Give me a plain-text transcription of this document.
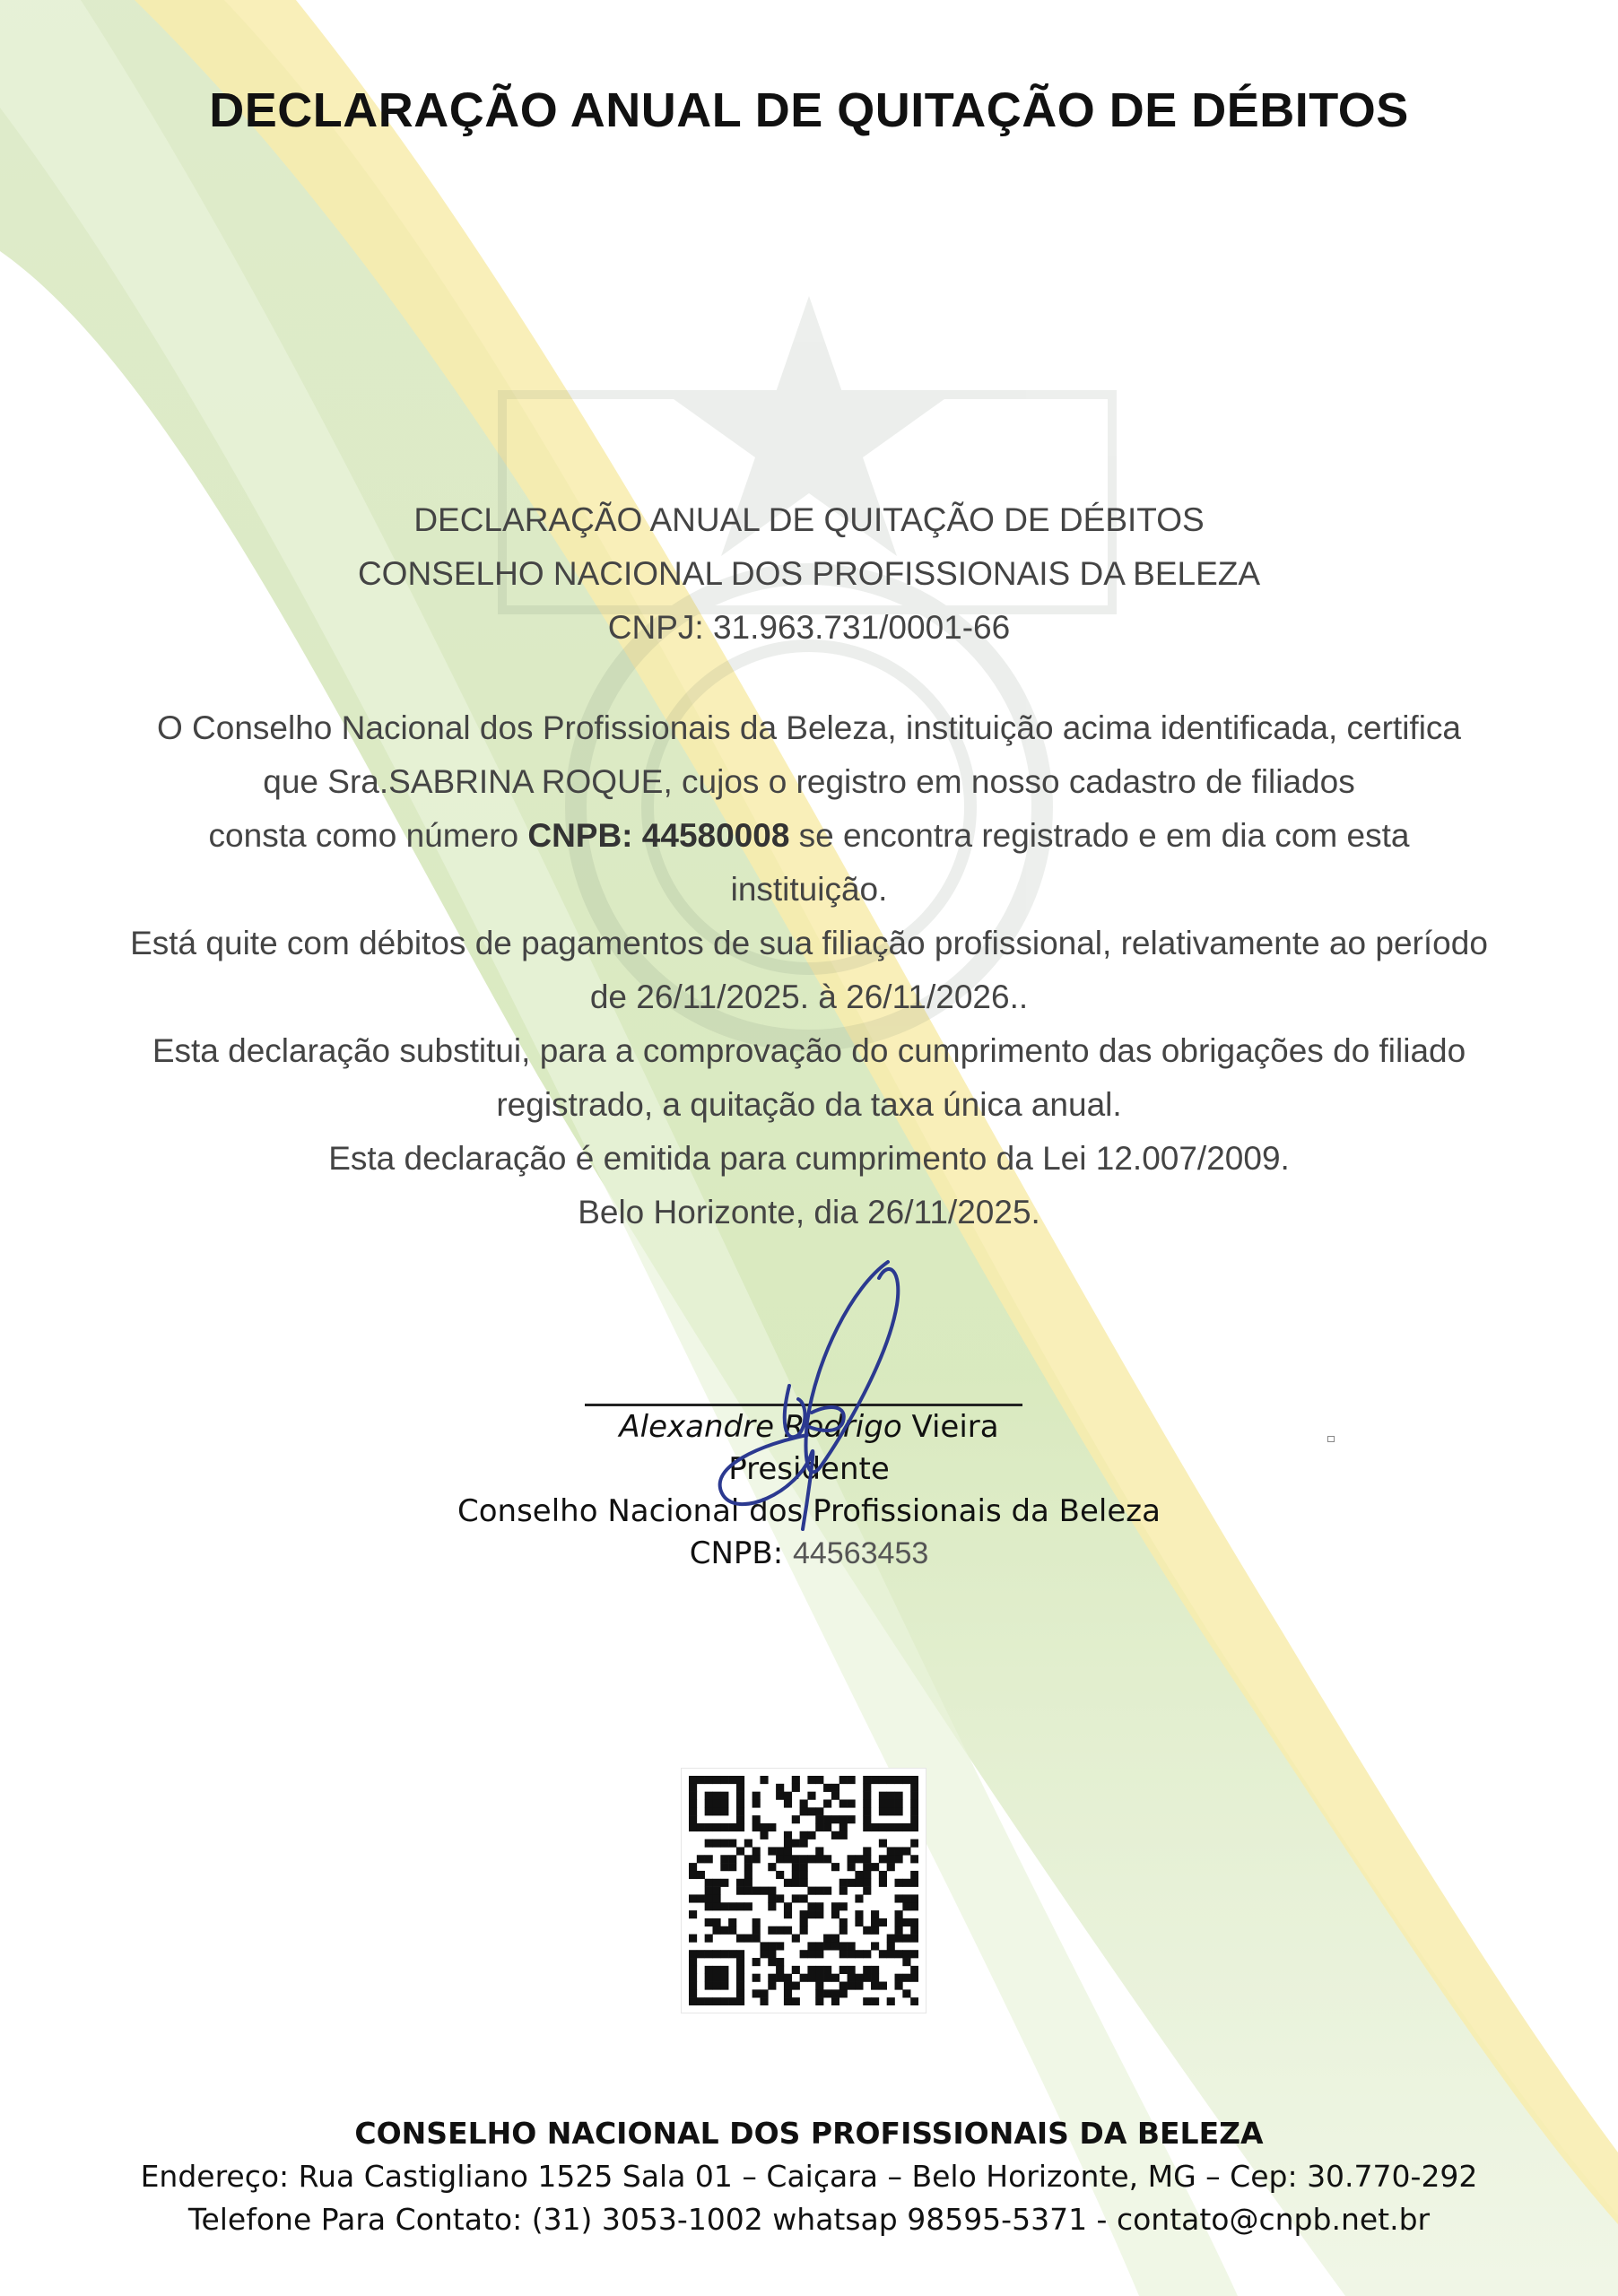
DECLARAÇÃO ANUAL DE QUITAÇÃO DE DÉBITOS
DECLARAÇÃO ANUAL DE QUITAÇÃO DE DÉBITOS
CONSELHO NACIONAL DOS PROFISSIONAIS DA BELEZA
CNPJ: 31.963.731/0001-66

O Conselho Nacional dos Profissionais da Beleza, instituição acima identificada, certifica
que Sra.SABRINA ROQUE, cujos o registro em nosso cadastro de filiados
consta como número CNPB: 44580008 se encontra registrado e em dia com esta
instituição.

Está quite com débitos de pagamentos de sua filiação profissional, relativamente ao período
de 26/11/2025. à 26/11/2026..

Esta declaração substitui, para a comprovação do cumprimento das obrigações do filiado
registrado, a quitação da taxa única anual.

Esta declaração é emitida para cumprimento da Lei 12.007/2009.

Belo Horizonte, dia 26/11/2025.

Alexandre Rodrigo Vieira
Presidente
Conselho Nacional dos Profissionais da Beleza
CNPB: 44563453
CONSELHO NACIONAL DOS PROFISSIONAIS DA BELEZA
Endereço: Rua Castigliano 1525 Sala 01 – Caiçara – Belo Horizonte, MG – Cep: 30.770-292
Telefone Para Contato: (31) 3053-1002 whatsap 98595-5371 - contato@cnpb.net.br
